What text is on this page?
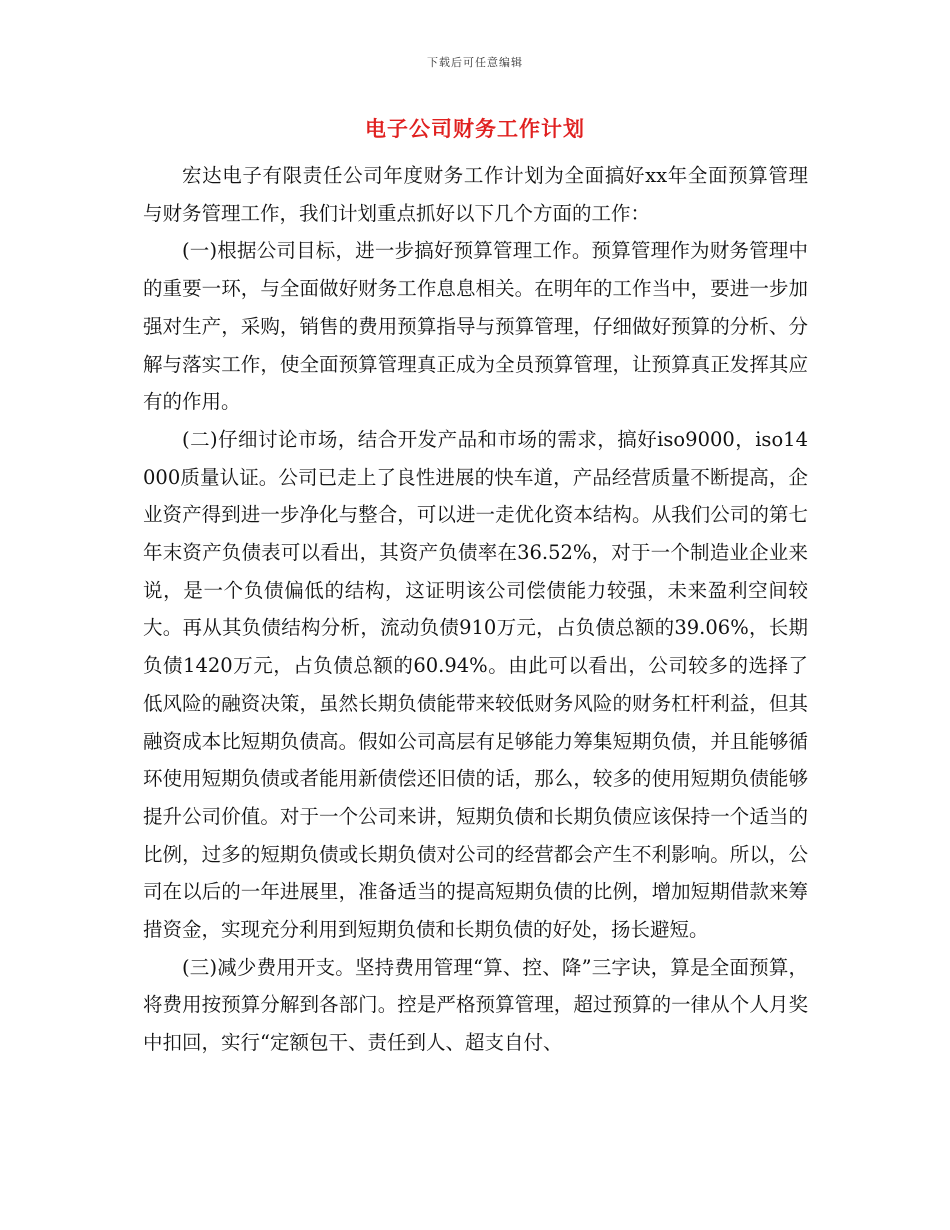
下载后可任意编辑
电子公司财务工作计划

宏达电子有限责任公司年度财务工作计划为全面搞好xx年全面预算管理与财务管理工作，我们计划重点抓好以下几个方面的工作：

(一)根据公司目标，进一步搞好预算管理工作。预算管理作为财务管理中的重要一环，与全面做好财务工作息息相关。在明年的工作当中，要进一步加强对生产，采购，销售的费用预算指导与预算管理，仔细做好预算的分析、分解与落实工作，使全面预算管理真正成为全员预算管理，让预算真正发挥其应有的作用。

(二)仔细讨论市场，结合开发产品和市场的需求，搞好iso9000，iso14000质量认证。公司已走上了良性进展的快车道，产品经营质量不断提高，企业资产得到进一步净化与整合，可以进一走优化资本结构。从我们公司的第七年末资产负债表可以看出，其资产负债率在36.52%，对于一个制造业企业来说，是一个负债偏低的结构，这证明该公司偿债能力较强，未来盈利空间较大。再从其负债结构分析，流动负债910万元，占负债总额的39.06%，长期负债1420万元，占负债总额的60.94%。由此可以看出，公司较多的选择了低风险的融资决策，虽然长期负债能带来较低财务风险的财务杠杆利益，但其融资成本比短期负债高。假如公司高层有足够能力筹集短期负债，并且能够循环使用短期负债或者能用新债偿还旧债的话，那么，较多的使用短期负债能够提升公司价值。对于一个公司来讲，短期负债和长期负债应该保持一个适当的比例，过多的短期负债或长期负债对公司的经营都会产生不利影响。所以，公司在以后的一年进展里，准备适当的提高短期负债的比例，增加短期借款来筹措资金，实现充分利用到短期负债和长期负债的好处，扬长避短。

(三)减少费用开支。坚持费用管理“算、控、降”三字诀，算是全面预算，将费用按预算分解到各部门。控是严格预算管理，超过预算的一律从个人月奖中扣回，实行“定额包干、责任到人、超支自付、
